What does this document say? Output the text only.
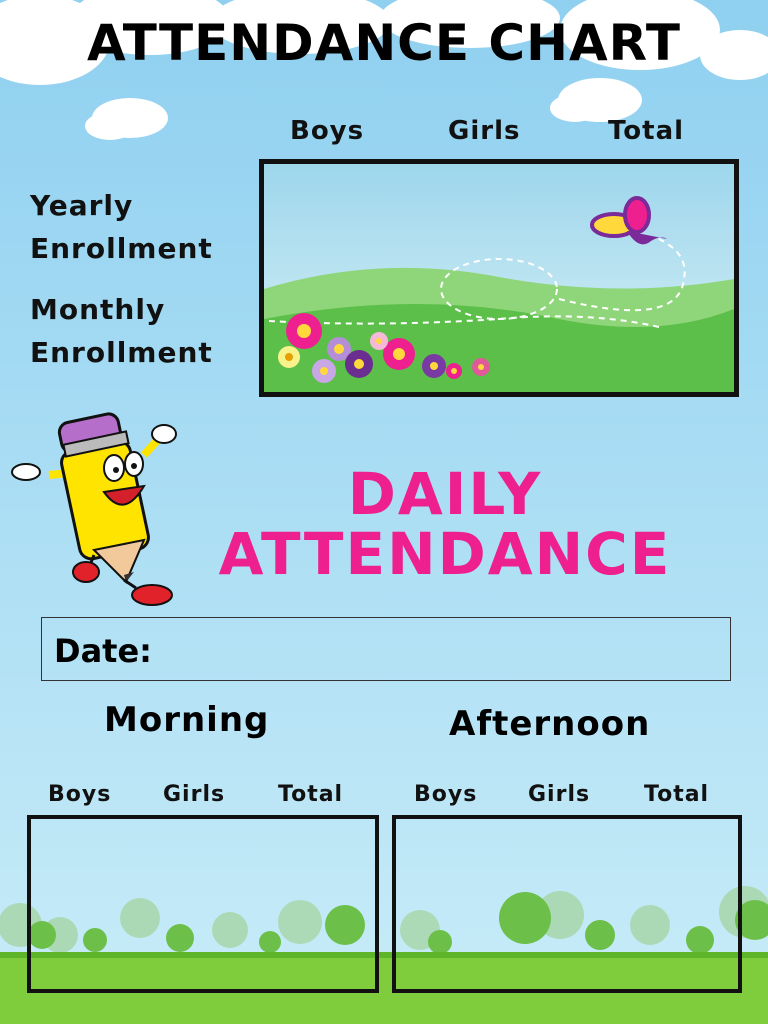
ATTENDANCE CHART
Boys	Girls	Total
Yearly
Enrollment
Monthly
Enrollment
DAILY
ATTENDANCE
Date:
Morning	Afternoon
Boys Girls Total	Boys Girls Total
